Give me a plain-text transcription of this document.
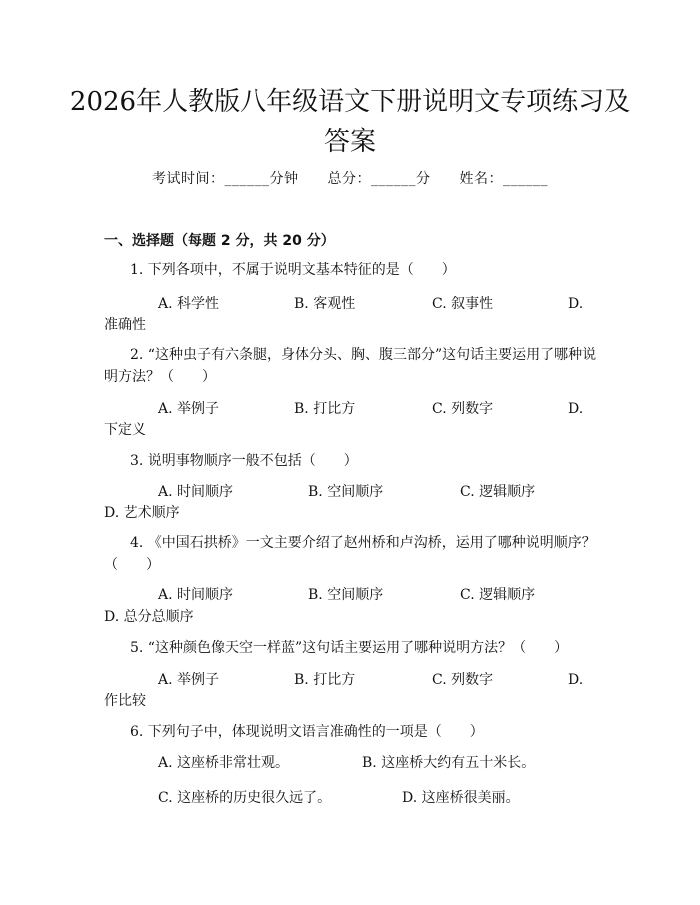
2026年人教版八年级语文下册说明文专项练习及答案
考试时间：______分钟 总分：______分 姓名：______
一、选择题（每题 2 分，共 20 分）
1. 下列各项中，不属于说明文基本特征的是（　　）
A. 科学性	B. 客观性	C. 叙事性	D.
准确性
2. “这种虫子有六条腿，身体分头、胸、腹三部分”这句话主要运用了哪种说明方法？（　　）
A. 举例子	B. 打比方	C. 列数字	D.
下定义
3. 说明事物顺序一般不包括（　　）
A. 时间顺序	B. 空间顺序	C. 逻辑顺序
D. 艺术顺序
4. 《中国石拱桥》一文主要介绍了赵州桥和卢沟桥，运用了哪种说明顺序？（　　）
A. 时间顺序	B. 空间顺序	C. 逻辑顺序
D. 总分总顺序
5. “这种颜色像天空一样蓝”这句话主要运用了哪种说明方法？（　　）
A. 举例子	B. 打比方	C. 列数字	D.
作比较
6. 下列句子中，体现说明文语言准确性的一项是（　　）
A. 这座桥非常壮观。	B. 这座桥大约有五十米长。
C. 这座桥的历史很久远了。	D. 这座桥很美丽。
